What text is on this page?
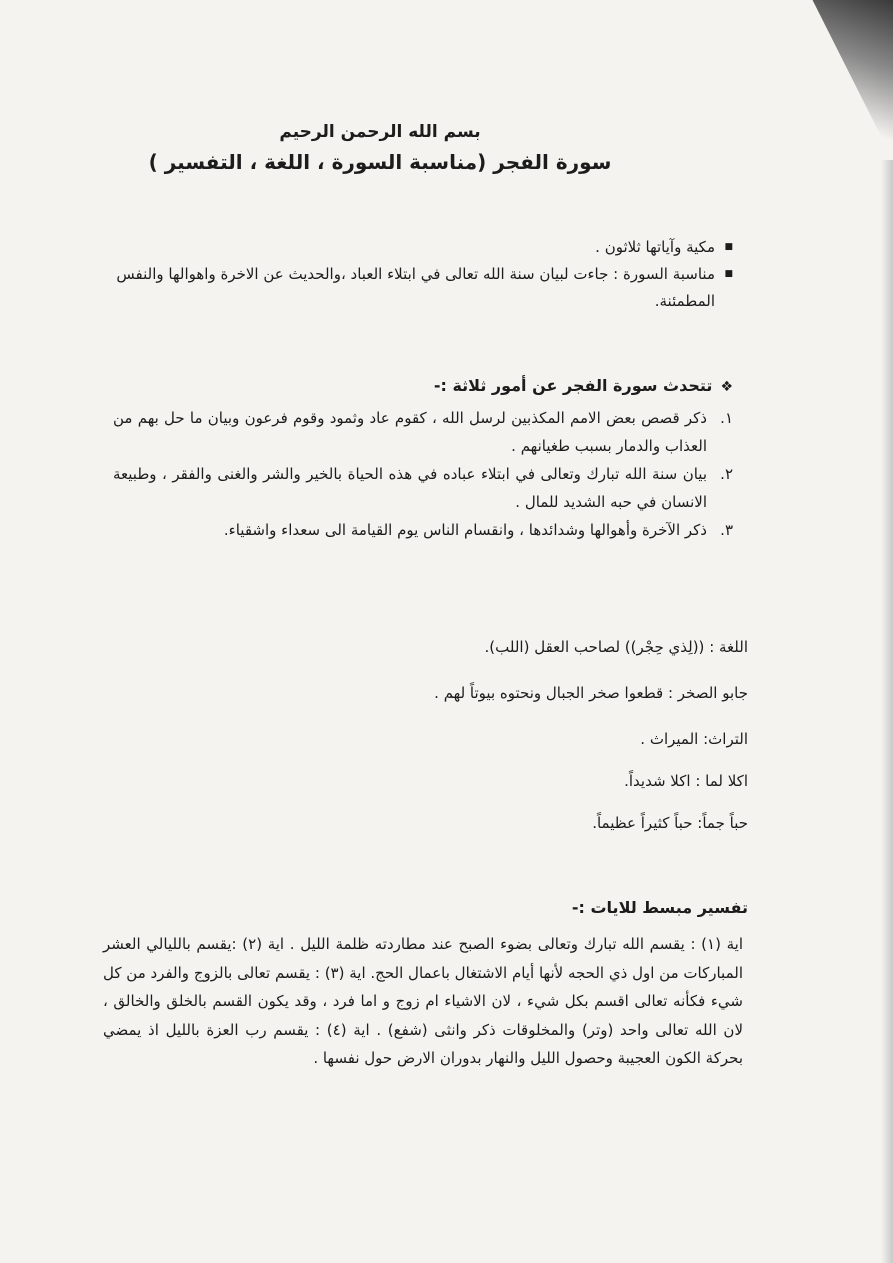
بسم الله الرحمن الرحيم
سورة الفجر (مناسبة السورة ، اللغة ، التفسير )
■
مكية وآياتها ثلاثون .
■
مناسبة السورة : جاءت لبيان سنة الله تعالى في ابتلاء العباد ،والحديث عن الاخرة واهوالها والنفس المطمئنة.
❖تتحدث سورة الفجر عن أمور ثلاثة :-
١.
ذكر قصص بعض الامم المكذبين لرسل الله ، كقوم عاد وثمود وقوم فرعون وبيان ما حل بهم من العذاب والدمار بسبب طغيانهم .
٢.
بيان سنة الله تبارك وتعالى في ابتلاء عباده في هذه الحياة بالخير والشر والغنى والفقر ، وطبيعة الانسان في حبه الشديد للمال .
٣.
ذكر الآخرة وأهوالها وشدائدها ، وانقسام الناس يوم القيامة الى سعداء واشقياء.
اللغة : ((لِذي حِجْر)) لصاحب العقل (اللب).
جابو الصخر : قطعوا صخر الجبال ونحتوه بيوتاً لهم .
التراث: الميراث .
اكلا لما : اكلا شديداً.
حباً جماً: حباً كثيراً عظيماً.
تفسير مبسط للايات :-
اية (١) : يقسم الله تبارك وتعالى بضوء الصبح عند مطاردته ظلمة الليل . اية (٢) :يقسم بالليالي العشر المباركات من اول ذي الحجه لأنها أيام الاشتغال باعمال الحج. اية (٣) : يقسم تعالى بالزوج والفرد من كل شيء فكأنه تعالى اقسم بكل شيء ، لان الاشياء ام زوج و اما فرد ، وقد يكون القسم بالخلق والخالق ، لان الله تعالى واحد (وتر) والمخلوقات ذكر وانثى (شفع) . اية (٤) : يقسم رب العزة بالليل اذ يمضي بحركة الكون العجيبة وحصول الليل والنهار بدوران الارض حول نفسها .
